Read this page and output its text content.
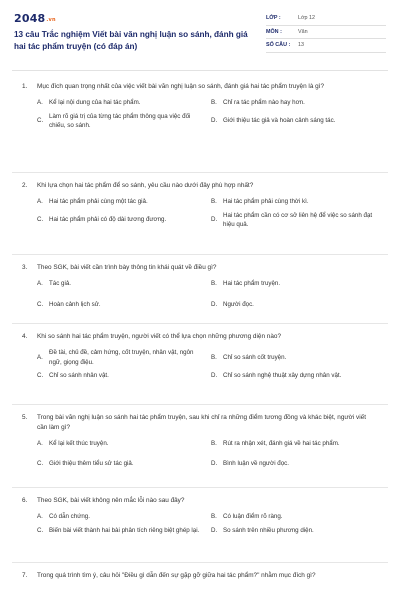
2048.vn
13 câu Trắc nghiệm Viết bài văn nghị luận so sánh, đánh giá hai tác phẩm truyện (có đáp án)
LỚP :	Lớp 12
MÔN :	Văn
SỐ CÂU :	13
1.	Mục đích quan trọng nhất của việc viết bài văn nghị luận so sánh, đánh giá hai tác phẩm truyện là gì?
A. Kể lại nội dung của hai tác phẩm.	B. Chỉ ra tác phẩm nào hay hơn.
C.
Làm rõ giá trị của từng tác phẩm thông qua việc đối chiếu, so sánh.
D. Giới thiệu tác giả và hoàn cảnh sáng tác.
2.	Khi lựa chọn hai tác phẩm để so sánh, yêu cầu nào dưới đây phù hợp nhất?
A. Hai tác phẩm phải cùng một tác giả.	B. Hai tác phẩm phải cùng thời kì.
C. Hai tác phẩm phải có độ dài tương đương.	D.
Hai tác phẩm cần có cơ sở liên hệ để việc so sánh đạt hiệu quả.
3.	Theo SGK, bài viết cần trình bày thông tin khái quát về điều gì?
A. Tác giả.	B. Hai tác phẩm truyện.
C. Hoàn cảnh lịch sử.	D. Người đọc.
4.	Khi so sánh hai tác phẩm truyện, người viết có thể lựa chọn những phương diện nào?
A.
Đề tài, chủ đề, cảm hứng, cốt truyện, nhân vật, ngôn ngữ, giọng điệu.
B. Chỉ so sánh cốt truyện.
C. Chỉ so sánh nhân vật.	D. Chỉ so sánh nghệ thuật xây dựng nhân vật.
5.	Trong bài văn nghị luận so sánh hai tác phẩm truyện, sau khi chỉ ra những điểm tương đồng và khác biệt, người viết cần làm gì?
A. Kể lại kết thúc truyện.	B. Rút ra nhận xét, đánh giá về hai tác phẩm.
C. Giới thiệu thêm tiểu sử tác giả.	D. Bình luận về người đọc.
6.	Theo SGK, bài viết không nên mắc lỗi nào sau đây?
A. Có dẫn chứng.	B. Có luận điểm rõ ràng.
C. Biến bài viết thành hai bài phân tích riêng biệt ghép lại.	D. So sánh trên nhiều phương diện.
7.	Trong quá trình tìm ý, câu hỏi "Điều gì dẫn đến sự gặp gỡ giữa hai tác phẩm?" nhằm mục đích gì?
